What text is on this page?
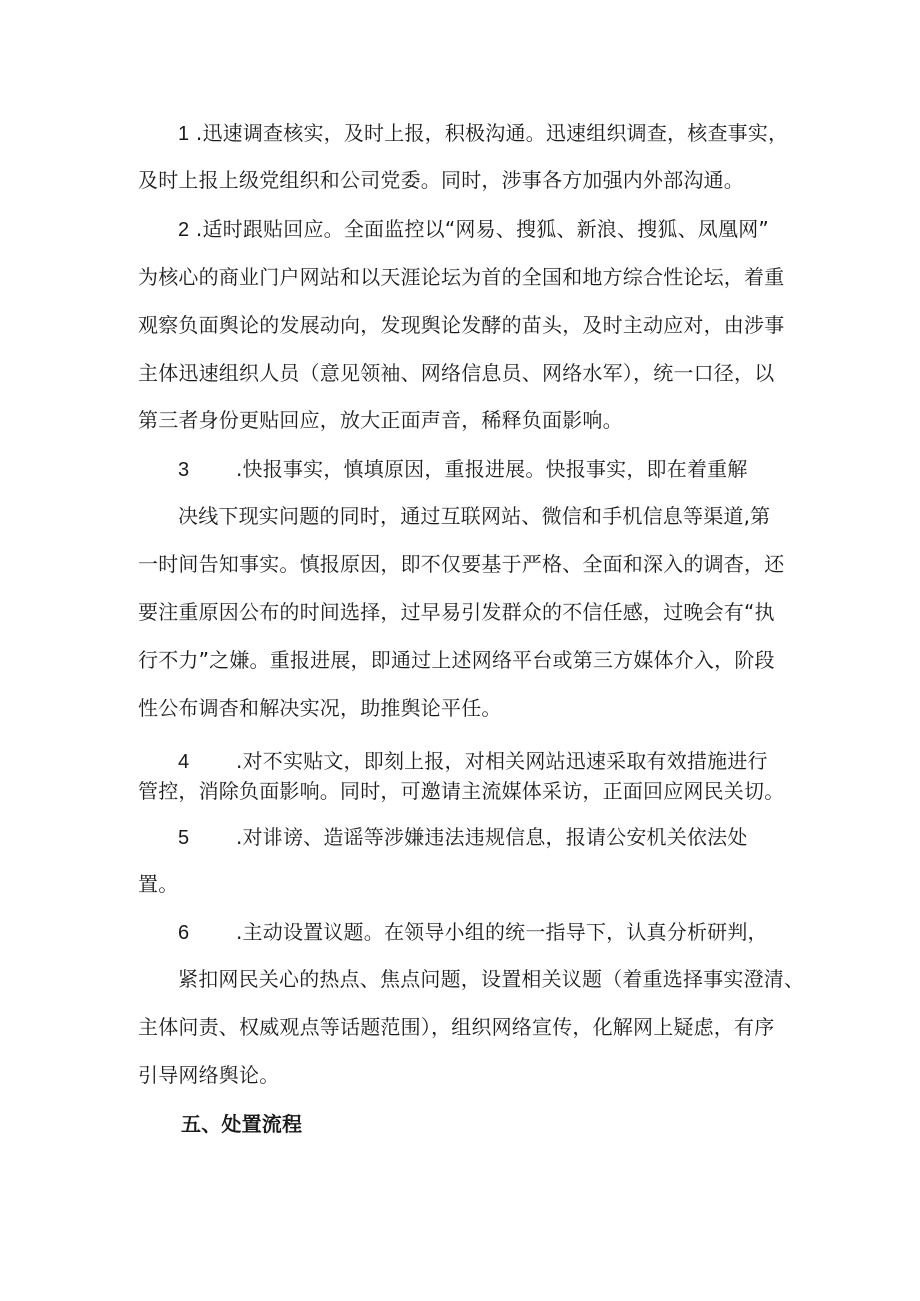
1 .迅速调查核实，及时上报，积极沟通。迅速组织调查，核查事实，
及时上报上级党组织和公司党委。同时，涉事各方加强内外部沟通。
2 .适时跟贴回应。全面监控以“网易、搜狐、新浪、搜狐、凤凰网”
为核心的商业门户网站和以天涯论坛为首的全国和地方综合性论坛，着重
观察负面舆论的发展动向，发现舆论发酵的苗头，及时主动应对，由涉事
主体迅速组织人员（意见领袖、网络信息员、网络水军），统一口径，以
第三者身份更贴回应，放大正面声音，稀释负面影响。
3 .快报事实，慎填原因，重报进展。快报事实，即在着重解
决线下现实问题的同时，通过互联网站、微信和手机信息等渠道,第
一时间告知事实。慎报原因，即不仅要基于严格、全面和深入的调杳，还
要注重原因公布的时间选择，过早易引发群众的不信任感，过晚会有“执
行不力”之嫌。重报进展，即通过上述网络平台或第三方媒体介入，阶段
性公布调杳和解决实况，助推舆论平任。
4 .对不实贴文，即刻上报，对相关网站迅速采取有效措施进行
管控，消除负面影响。同时，可邀请主流媒体采访，正面回应网民关切。
5 .对诽谤、造谣等涉嫌违法违规信息，报请公安机关依法处
置。
6 .主动设置议题。在领导小组的统一指导下，认真分析研判，
紧扣网民关心的热点、焦点问题，设置相关议题（着重选择事实澄清、
主体问责、权威观点等话题范围），组织网络宣传，化解网上疑虑，有序
引导网络舆论。
五、处置流程
